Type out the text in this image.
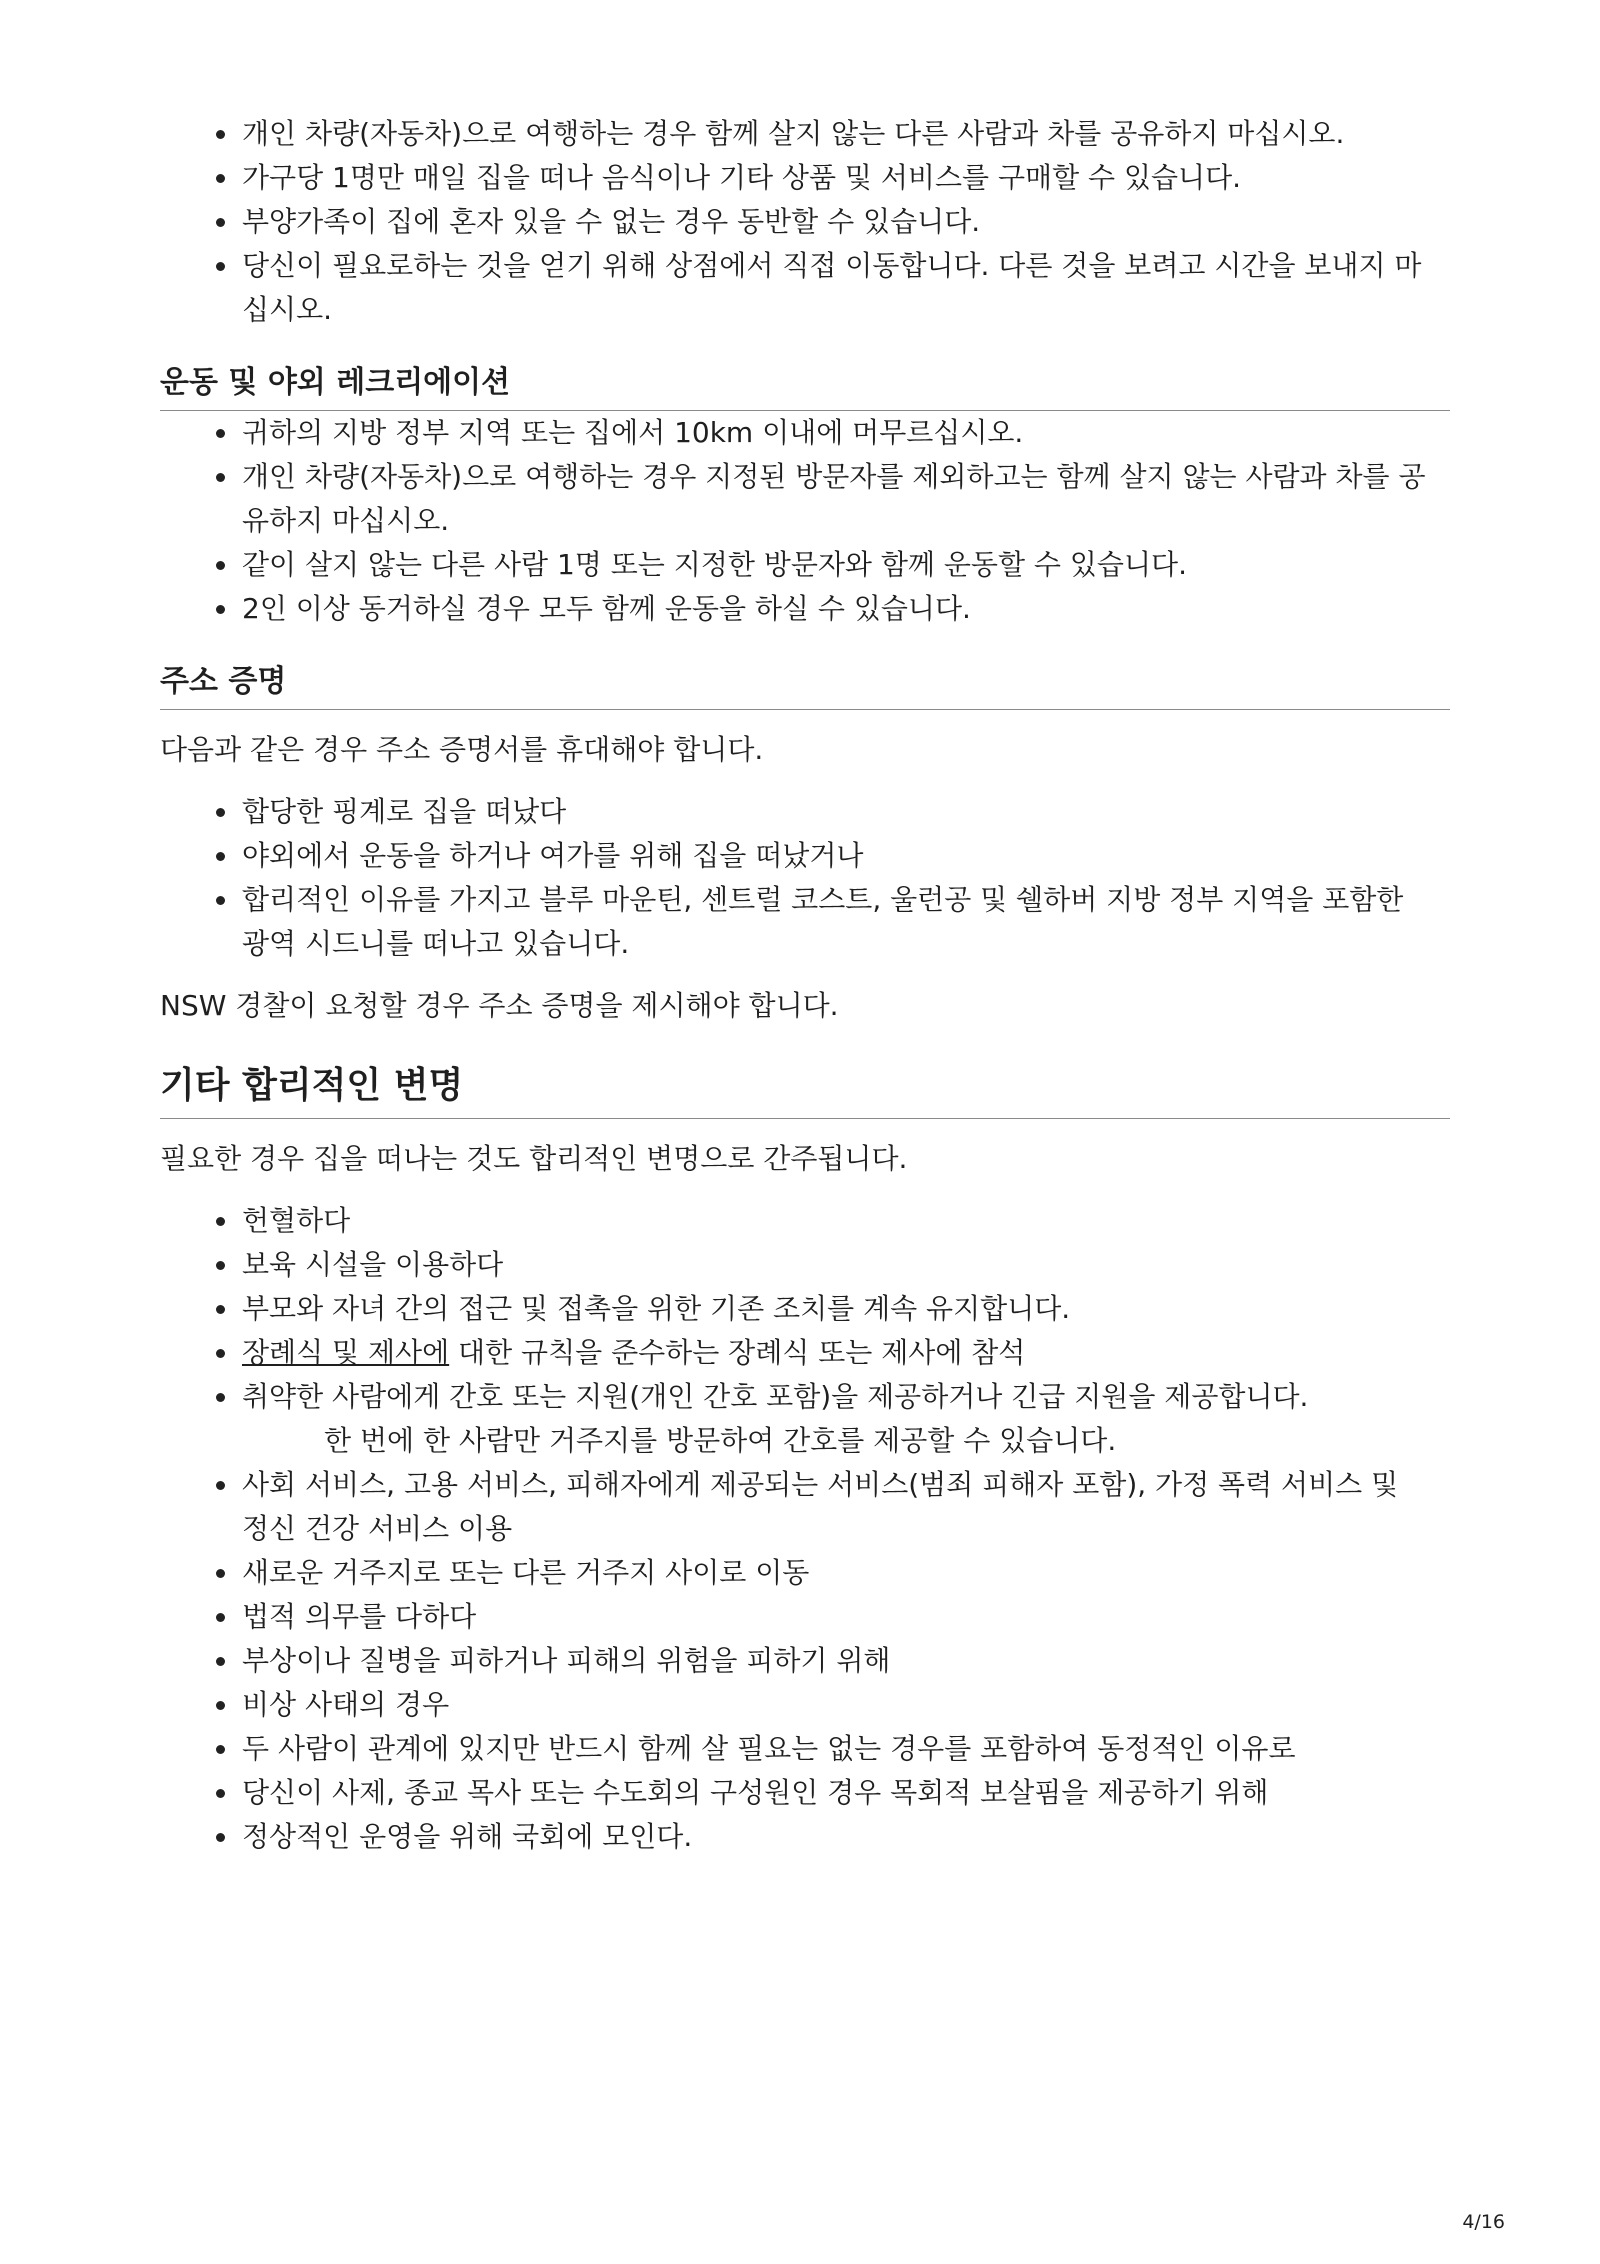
개인 차량(자동차)으로 여행하는 경우 함께 살지 않는 다른 사람과 차를 공유하지 마십시오.
가구당 1명만 매일 집을 떠나 음식이나 기타 상품 및 서비스를 구매할 수 있습니다.
부양가족이 집에 혼자 있을 수 없는 경우 동반할 수 있습니다.
당신이 필요로하는 것을 얻기 위해 상점에서 직접 이동합니다. 다른 것을 보려고 시간을 보내지 마십시오.
운동 및 야외 레크리에이션
귀하의 지방 정부 지역 또는 집에서 10km 이내에 머무르십시오.
개인 차량(자동차)으로 여행하는 경우 지정된 방문자를 제외하고는 함께 살지 않는 사람과 차를 공유하지 마십시오.
같이 살지 않는 다른 사람 1명 또는 지정한 방문자와 함께 운동할 수 있습니다.
2인 이상 동거하실 경우 모두 함께 운동을 하실 수 있습니다.
주소 증명

다음과 같은 경우 주소 증명서를 휴대해야 합니다.

합당한 핑계로 집을 떠났다
야외에서 운동을 하거나 여가를 위해 집을 떠났거나
합리적인 이유를 가지고 블루 마운틴, 센트럴 코스트, 울런공 및 쉘하버 지방 정부 지역을 포함한 광역 시드니를 떠나고 있습니다.

NSW 경찰이 요청할 경우 주소 증명을 제시해야 합니다.

기타 합리적인 변명

필요한 경우 집을 떠나는 것도 합리적인 변명으로 간주됩니다.

헌혈하다
보육 시설을 이용하다
부모와 자녀 간의 접근 및 접촉을 위한 기존 조치를 계속 유지합니다.
장례식 및 제사에 대한 규칙을 준수하는 장례식 또는 제사에 참석
취약한 사람에게 간호 또는 지원(개인 간호 포함)을 제공하거나 긴급 지원을 제공합니다.
한 번에 한 사람만 거주지를 방문하여 간호를 제공할 수 있습니다.
사회 서비스, 고용 서비스, 피해자에게 제공되는 서비스(범죄 피해자 포함), 가정 폭력 서비스 및 정신 건강 서비스 이용
새로운 거주지로 또는 다른 거주지 사이로 이동
법적 의무를 다하다
부상이나 질병을 피하거나 피해의 위험을 피하기 위해
비상 사태의 경우
두 사람이 관계에 있지만 반드시 함께 살 필요는 없는 경우를 포함하여 동정적인 이유로
당신이 사제, 종교 목사 또는 수도회의 구성원인 경우 목회적 보살핌을 제공하기 위해
정상적인 운영을 위해 국회에 모인다.
4/16
